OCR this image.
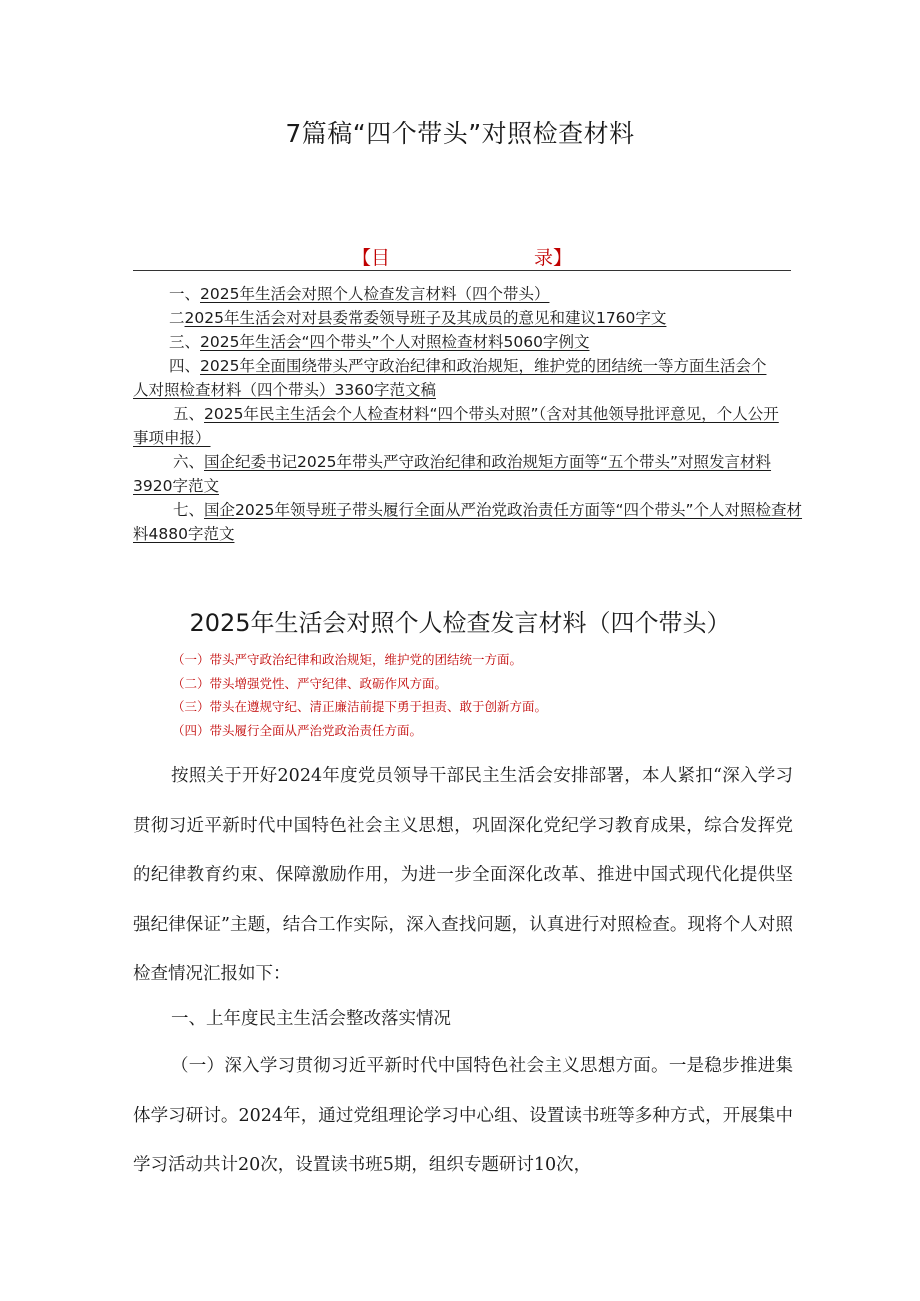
7篇稿“四个带头”对照检查材料
【目	录】
一、2025年生活会对照个人检查发言材料（四个带头）
二2025年生活会对对县委常委领导班子及其成员的意见和建议1760字文
三、2025年生活会“四个带头”个人对照检查材料5060字例文
四、2025年全面围绕带头严守政治纪律和政治规矩，维护党的团结统一等方面生活会个人对照检查材料（四个带头）3360字范文稿
五、2025年民主生活会个人检查材料“四个带头对照”（含对其他领导批评意见，个人公开事项申报）
六、国企纪委书记2025年带头严守政治纪律和政治规矩方面等“五个带头”对照发言材料3920字范文
七、国企2025年领导班子带头履行全面从严治党政治责任方面等“四个带头”个人对照检查材料4880字范文
2025年生活会对照个人检查发言材料（四个带头）
（一）带头严守政治纪律和政治规矩，维护党的团结统一方面。
（二）带头增强党性、严守纪律、政砺作风方面。
（三）带头在遵规守纪、清正廉洁前提下勇于担责、敢于创新方面。
（四）带头履行全面从严治党政治责任方面。

按照关于开好2024年度党员领导干部民主生活会安排部署，本人紧扣“深入学习贯彻习近平新时代中国特色社会主义思想，巩固深化党纪学习教育成果，综合发挥党的纪律教育约束、保障激励作用，为进一步全面深化改革、推进中国式现代化提供坚强纪律保证”主题，结合工作实际，深入查找问题，认真进行对照检查。现将个人对照检查情况汇报如下：

一、上年度民主生活会整改落实情况

（一）深入学习贯彻习近平新时代中国特色社会主义思想方面。一是稳步推进集体学习研讨。2024年，通过党组理论学习中心组、设置读书班等多种方式，开展集中学习活动共计20次，设置读书班5期，组织专题研讨10次，
